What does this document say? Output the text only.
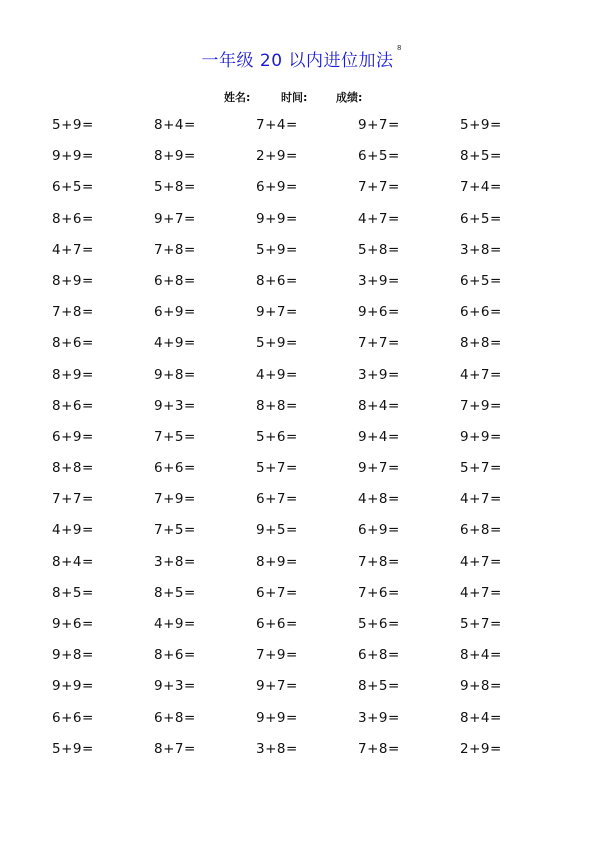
一年级 20 以内进位加法
8
姓名:	时间:	成绩:
5+9=	8+4=	7+4=	9+7=	5+9=
9+9=	8+9=	2+9=	6+5=	8+5=
6+5=	5+8=	6+9=	7+7=	7+4=
8+6=	9+7=	9+9=	4+7=	6+5=
4+7=	7+8=	5+9=	5+8=	3+8=
8+9=	6+8=	8+6=	3+9=	6+5=
7+8=	6+9=	9+7=	9+6=	6+6=
8+6=	4+9=	5+9=	7+7=	8+8=
8+9=	9+8=	4+9=	3+9=	4+7=
8+6=	9+3=	8+8=	8+4=	7+9=
6+9=	7+5=	5+6=	9+4=	9+9=
8+8=	6+6=	5+7=	9+7=	5+7=
7+7=	7+9=	6+7=	4+8=	4+7=
4+9=	7+5=	9+5=	6+9=	6+8=
8+4=	3+8=	8+9=	7+8=	4+7=
8+5=	8+5=	6+7=	7+6=	4+7=
9+6=	4+9=	6+6=	5+6=	5+7=
9+8=	8+6=	7+9=	6+8=	8+4=
9+9=	9+3=	9+7=	8+5=	9+8=
6+6=	6+8=	9+9=	3+9=	8+4=
5+9=	8+7=	3+8=	7+8=	2+9=
